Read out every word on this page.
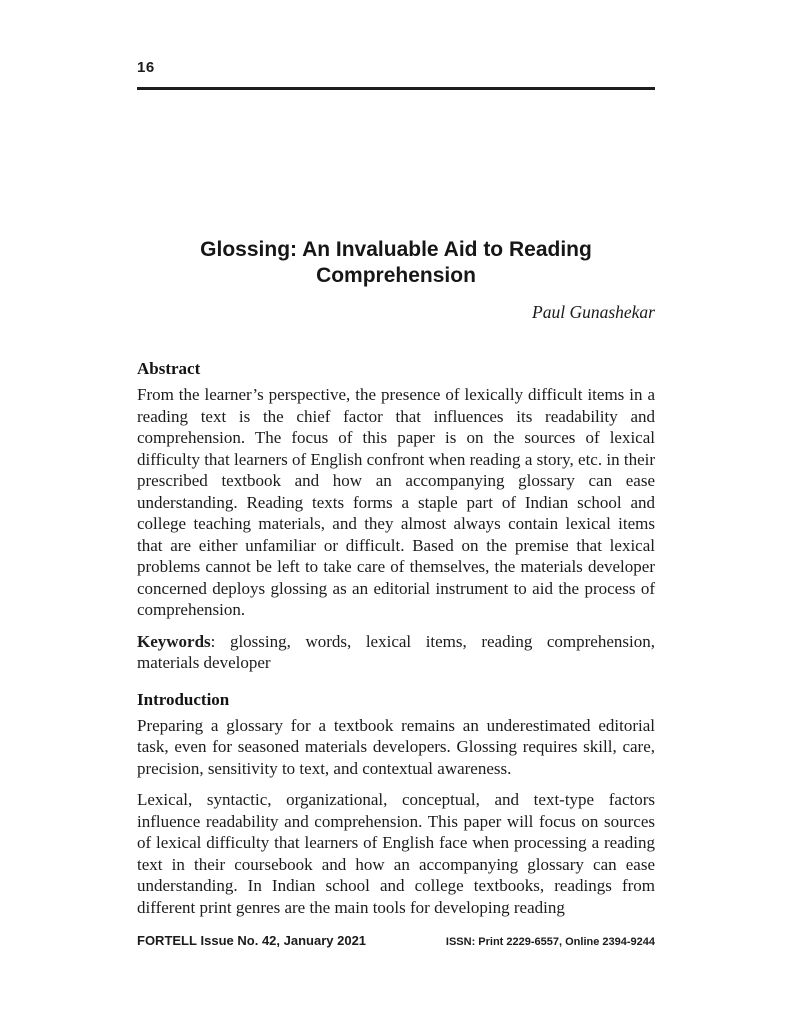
16
Glossing: An Invaluable Aid to Reading Comprehension
Paul Gunashekar
Abstract

From the learner’s perspective, the presence of lexically difficult items in a reading text is the chief factor that influences its readability and comprehension. The focus of this paper is on the sources of lexical difficulty that learners of English confront when reading a story, etc. in their prescribed textbook and how an accompanying glossary can ease understanding. Reading texts forms a staple part of Indian school and college teaching materials, and they almost always contain lexical items that are either unfamiliar or difficult. Based on the premise that lexical problems cannot be left to take care of themselves, the materials developer concerned deploys glossing as an editorial instrument to aid the process of comprehension.

Keywords: glossing, words, lexical items, reading comprehension, materials developer

Introduction

Preparing a glossary for a textbook remains an underestimated editorial task, even for seasoned materials developers. Glossing requires skill, care, precision, sensitivity to text, and contextual awareness.

Lexical, syntactic, organizational, conceptual, and text-type factors influence readability and comprehension. This paper will focus on sources of lexical difficulty that learners of English face when processing a reading text in their coursebook and how an accompanying glossary can ease understanding. In Indian school and college textbooks, readings from different print genres are the main tools for developing reading

FORTELL Issue No. 42, January 2021	ISSN: Print 2229-6557, Online 2394-9244
